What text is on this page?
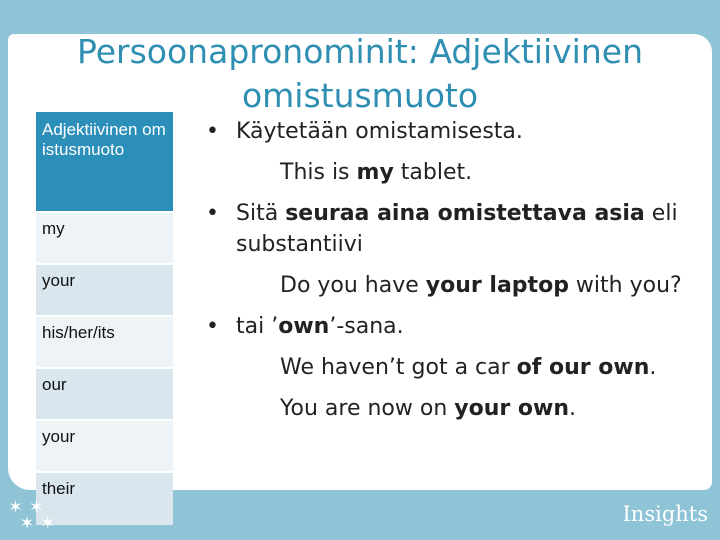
Persoonapronominit: Adjektiivinen omistusmuoto
Adjektiivinen omistusmuoto
my
your
his/her/its
our
your
their

• Käytetään omistamisesta.

This is my tablet.

• Sitä seuraa aina omistettava asia eli substantiivi

Do you have your laptop with you?

• tai ’own’-sana.

We haven’t got a car of our own.

You are now on your own.

✶ ✶
✶ ✶	Insights
